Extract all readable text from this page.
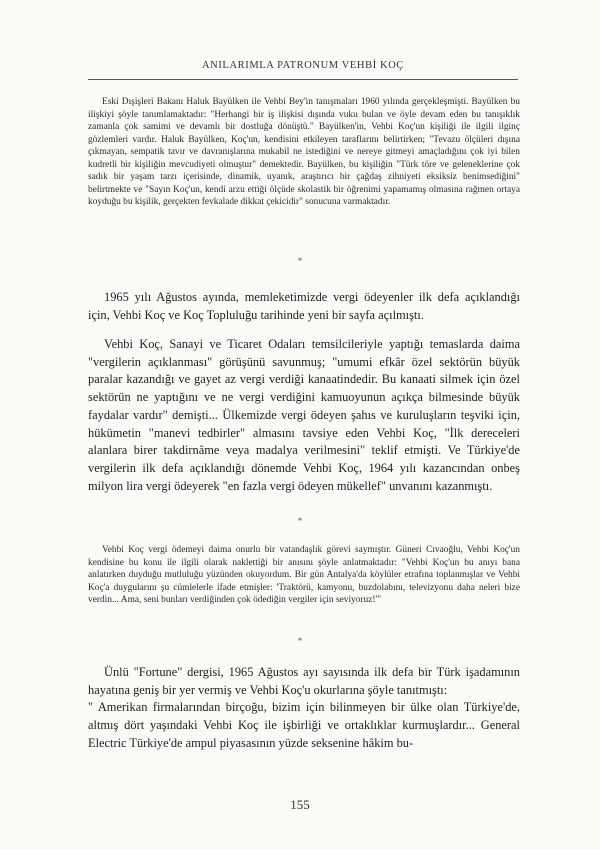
ANILARIMLA PATRONUM VEHBİ KOÇ

Eski Dışişleri Bakanı Haluk Bayülken ile Vehbi Bey'in tanışmaları 1960 yılında gerçekleşmişti. Bayülken bu ilişkiyi şöyle tanımlamaktadır: "Herhangi bir iş ilişkisi dışında vuku bulan ve öyle devam eden bu tanışıklık zamanla çok samimi ve devamlı bir dostluğa dönüştü." Bayülken'in, Vehbi Koç'un kişiliği ile ilgili ilginç gözlemleri vardır. Haluk Bayülken, Koç'un, kendisini etkileyen taraflarını belirtirken; "Tevazu ölçüleri dışına çıkmayan, sempatik tavır ve davranışlarına mukabil ne istediğini ve nereye gitmeyi amaçladığını çok iyi bilen kudretli bir kişiliğin mevcudiyeti olmuştur" demektedir. Bayülken, bu kişiliğin "Türk töre ve geleneklerine çok sadık bir yaşam tarzı içerisinde, dinamik, uyanık, araştırıcı bir çağdaş zihniyeti eksiksiz benimsediğini" belirtmekte ve "Sayın Koç'un, kendi arzu ettiği ölçüde skolastik bir öğrenimi yapamamış olmasına rağmen ortaya koyduğu bu kişilik, gerçekten fevkalade dikkat çekicidir" sonucuna varmaktadır.

*

1965 yılı Ağustos ayında, memleketimizde vergi ödeyenler ilk defa açıklandığı için, Vehbi Koç ve Koç Topluluğu tarihinde yeni bir sayfa açılmıştı.

Vehbi Koç, Sanayi ve Ticaret Odaları temsilcileriyle yaptığı temaslarda daima "vergilerin açıklanması" görüşünü savunmuş; "umumi efkâr özel sektörün büyük paralar kazandığı ve gayet az vergi verdiği kanaatindedir. Bu kanaati silmek için özel sektörün ne yaptığını ve ne vergi verdiğini kamuoyunun açıkça bilmesinde büyük faydalar vardır" demişti... Ülkemizde vergi ödeyen şahıs ve kuruluşların teşviki için, hükümetin "manevi tedbirler" almasını tavsiye eden Vehbi Koç, "İlk dereceleri alanlara birer takdirnâme veya madalya verilmesini" teklif etmişti. Ve Türkiye'de vergilerin ilk defa açıklandığı dönemde Vehbi Koç, 1964 yılı kazancından onbeş milyon lira vergi ödeyerek "en fazla vergi ödeyen mükellef" unvanını kazanmıştı.

*

Vehbi Koç vergi ödemeyi daima onurlu bir vatandaşlık görevi saymıştır. Güneri Cıvaoğlu, Vehbi Koç'un kendisine bu konu ile ilgili olarak naklettiği bir anısını şöyle anlatmaktadır: "Vehbi Koç'un bu anıyı bana anlatırken duyduğu mutluluğu yüzünden okuyordum. Bir gün Antalya'da köylüler etrafına toplanmışlar ve Vehbi Koç'a duygularını şu cümlelerle ifade etmişler: 'Traktörü, kamyonu, buzdolabını, televizyonu daha neleri bize verdin... Ama, seni bunları verdiğinden çok ödediğin vergiler için seviyoruz!'"

*

Ünlü "Fortune" dergisi, 1965 Ağustos ayı sayısında ilk defa bir Türk işadamının hayatına geniş bir yer vermiş ve Vehbi Koç'u okurlarına şöyle tanıtmıştı:

" Amerikan firmalarından birçoğu, bizim için bilinmeyen bir ülke olan Türkiye'de, altmış dört yaşındaki Vehbi Koç ile işbirliği ve ortaklıklar kurmuşlardır... General Electric Türkiye'de ampul piyasasının yüzde seksenine hâkim bu-

155
